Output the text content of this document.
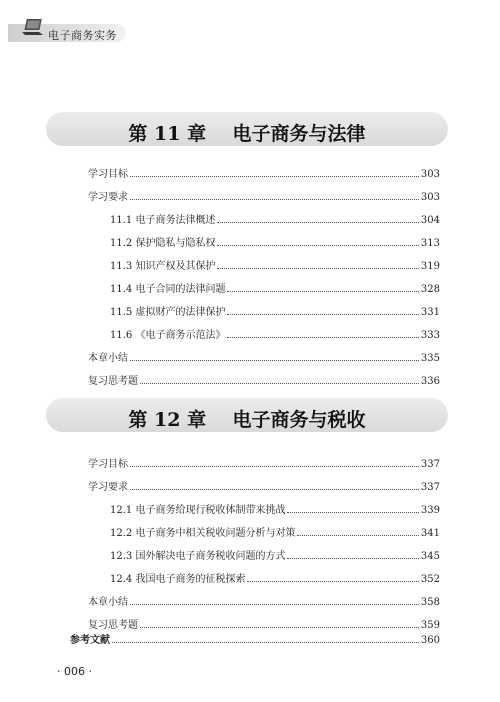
电子商务实务
第 11 章    电子商务与法律
学习目标	303
学习要求	303
11.1 电子商务法律概述	304
11.2 保护隐私与隐私权	313
11.3 知识产权及其保护	319
11.4 电子合同的法律问题	328
11.5 虚拟财产的法律保护	331
11.6 《电子商务示范法》	333
本章小结	335
复习思考题	336
第 12 章    电子商务与税收
学习目标	337
学习要求	337
12.1 电子商务给现行税收体制带来挑战	339
12.2 电子商务中相关税收问题分析与对策	341
12.3 国外解决电子商务税收问题的方式	345
12.4 我国电子商务的征税探索	352
本章小结	358
复习思考题	359
参考文献	360
· 006 ·
